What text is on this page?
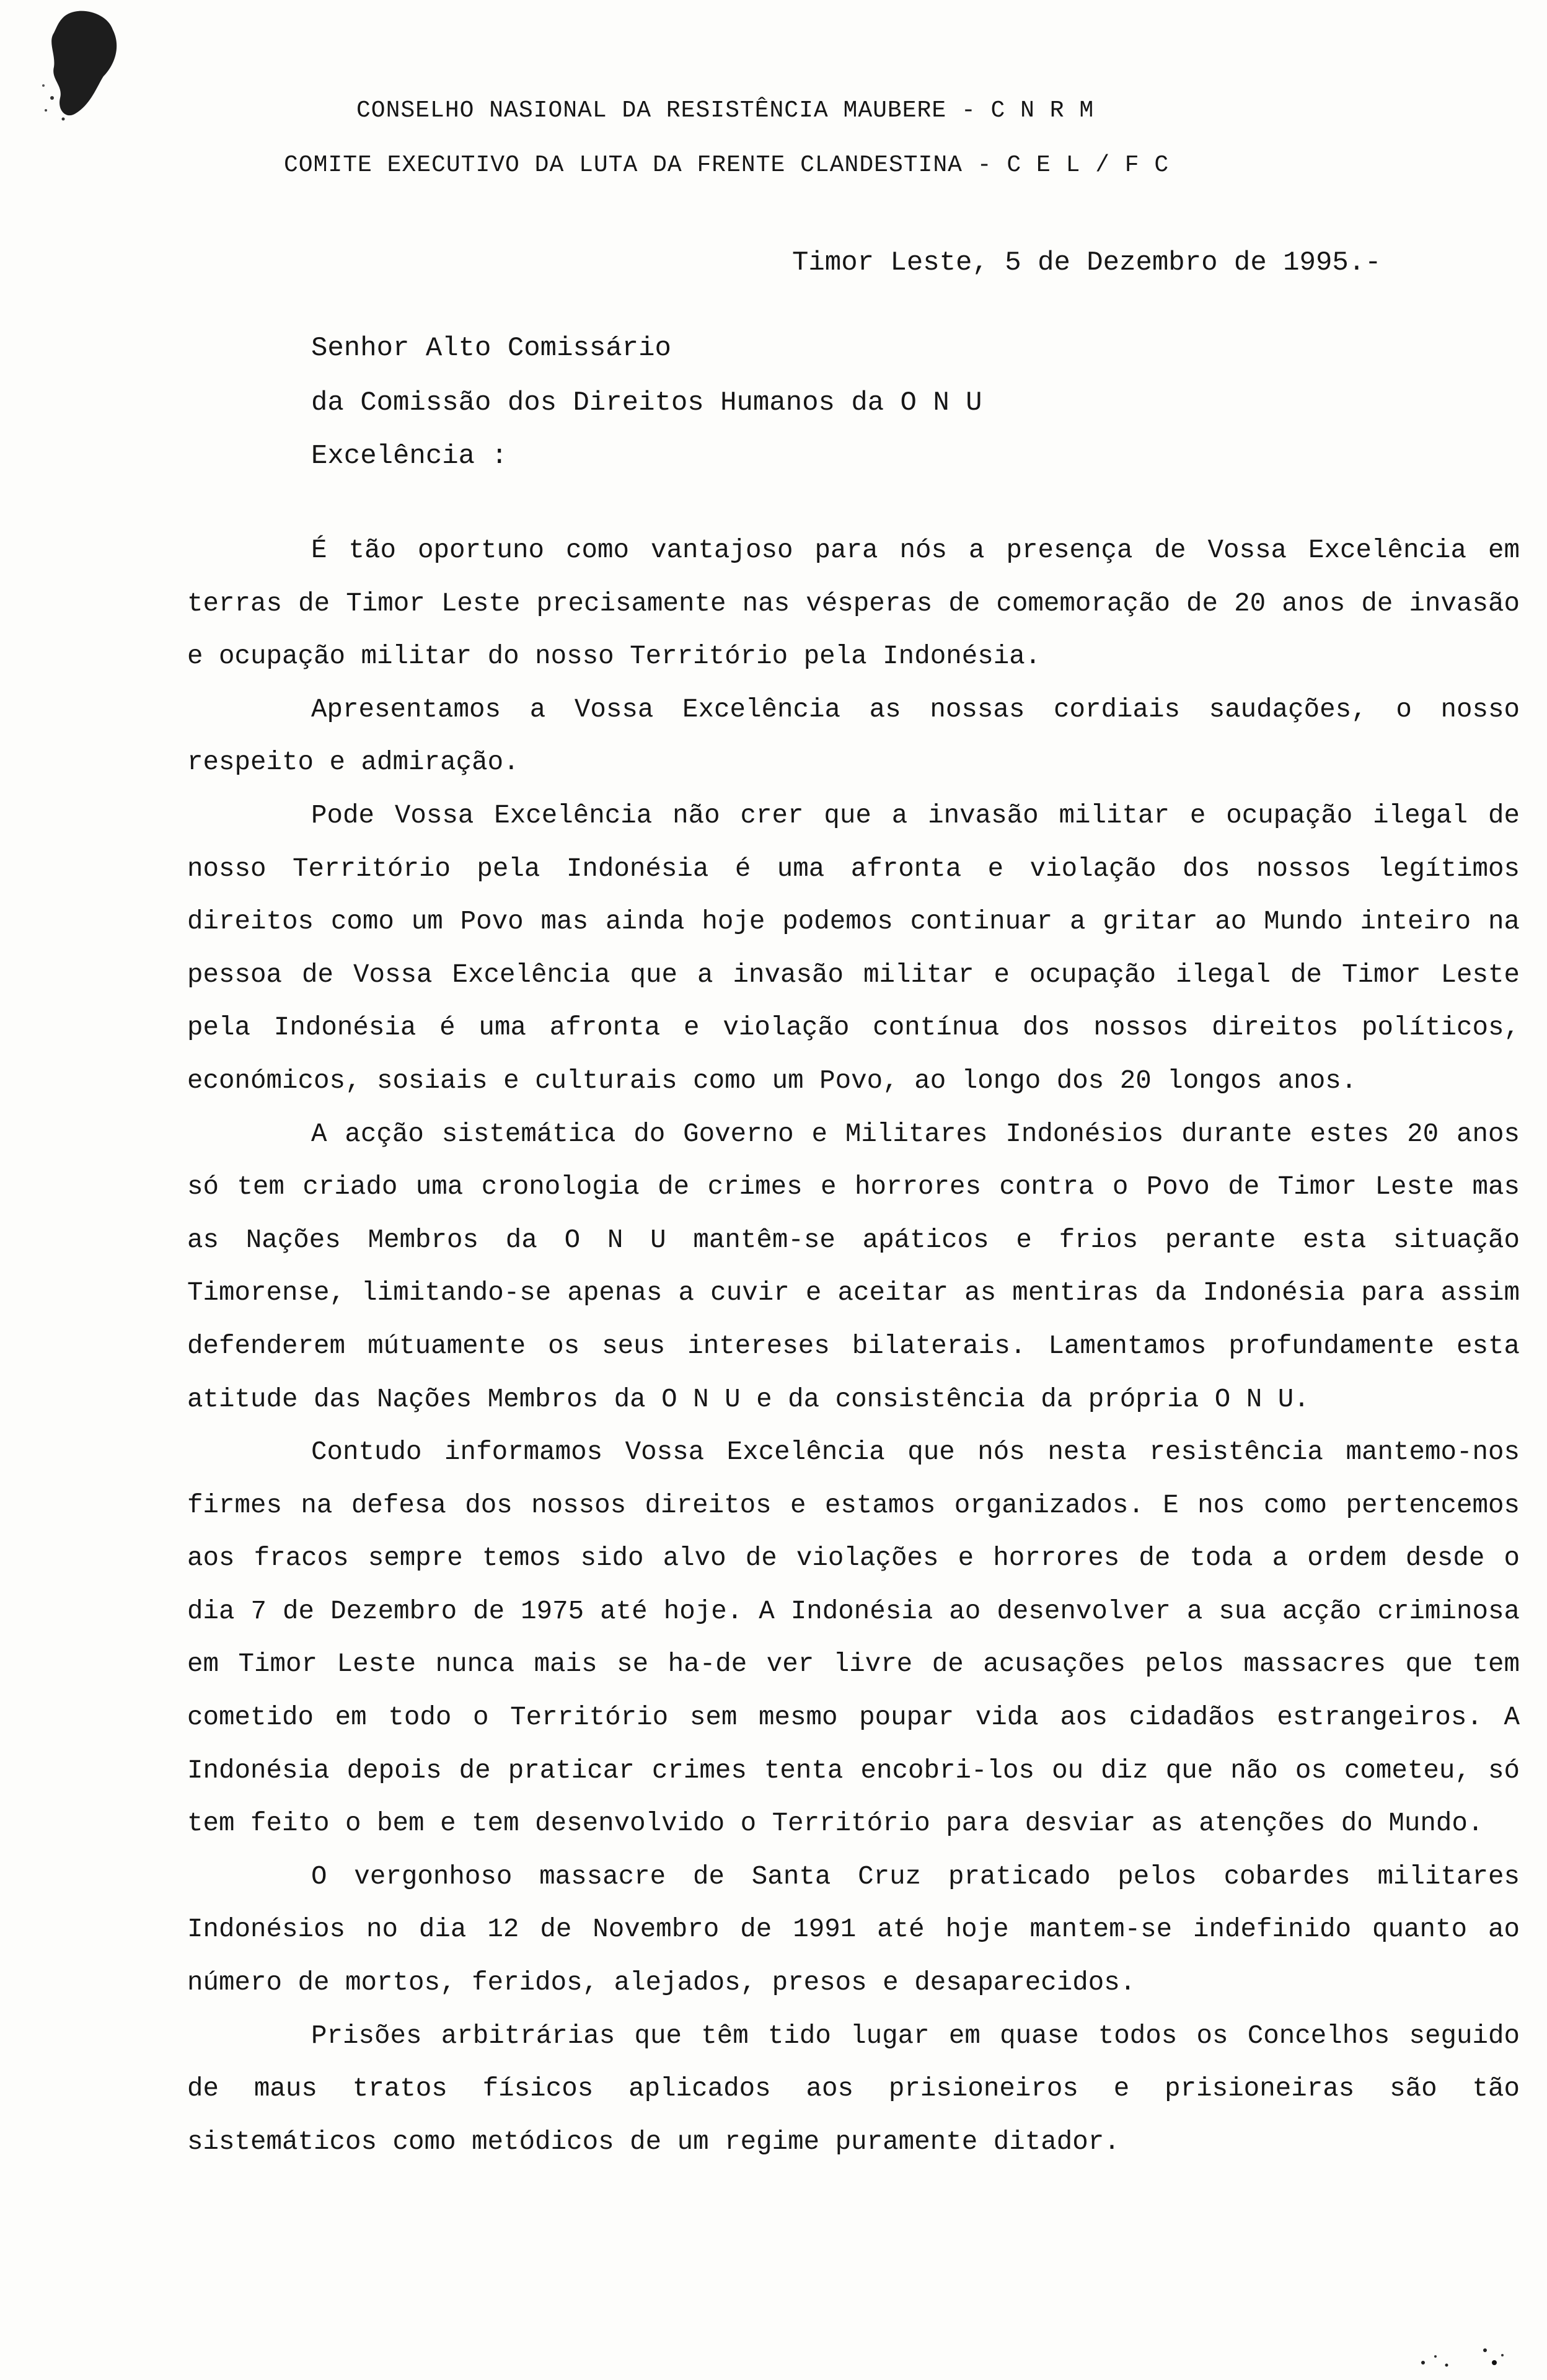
CONSELHO NASIONAL DA RESISTÊNCIA MAUBERE - C N R M
COMITE EXECUTIVO DA LUTA DA FRENTE CLANDESTINA - C E L / F C
Timor Leste, 5 de Dezembro de 1995.-
Senhor Alto Comissário
da Comissão dos Direitos Humanos da O N U
Excelência :

É tão oportuno como vantajoso para nós a presença de Vossa Excelência em terras de Timor Leste precisamente nas vésperas de comemoração de 20 anos de invasão e ocupação militar do nosso Território pela Indonésia.

Apresentamos a Vossa Excelência as nossas cordiais saudações, o nosso respeito e admiração.

Pode Vossa Excelência não crer que a invasão militar e ocupação ilegal de nosso Território pela Indonésia é uma afronta e violação dos nossos legítimos direitos como um Povo mas ainda hoje podemos continuar a gritar ao Mundo inteiro na pessoa de Vossa Excelência que a invasão militar e ocupação ilegal de Timor Leste pela Indonésia é uma afronta e violação contínua dos nossos direitos políticos, económicos, sosiais e culturais como um Povo, ao longo dos 20 longos anos.

A acção sistemática do Governo e Militares Indonésios durante estes 20 anos só tem criado uma cronologia de crimes e horrores contra o Povo de Timor Leste mas as Nações Membros da O N U mantêm-se apáticos e frios perante esta situação Timorense, limitando-se apenas a cuvir e aceitar as mentiras da Indonésia para assim defenderem mútuamente os seus intereses bilaterais. Lamentamos profundamente esta atitude das Nações Membros da O N U e da consistência da própria O N U.

Contudo informamos Vossa Excelência que nós nesta resistência mantemo-nos firmes na defesa dos nossos direitos e estamos organizados. E nos como pertencemos aos fracos sempre temos sido alvo de violações e horrores de toda a ordem desde o dia 7 de Dezembro de 1975 até hoje. A Indonésia ao desenvolver a sua acção criminosa em Timor Leste nunca mais se ha-de ver livre de acusações pelos massacres que tem cometido em todo o Território sem mesmo poupar vida aos cidadãos estrangeiros. A Indonésia depois de praticar crimes tenta encobri-los ou diz que não os cometeu, só tem feito o bem e tem desenvolvido o Território para desviar as atenções do Mundo.

O vergonhoso massacre de Santa Cruz praticado pelos cobardes militares Indonésios no dia 12 de Novembro de 1991 até hoje mantem-se indefinido quanto ao número de mortos, feridos, alejados, presos e desaparecidos.

Prisões arbitrárias que têm tido lugar em quase todos os Concelhos seguido de maus tratos físicos aplicados aos prisioneiros e prisioneiras são tão sistemáticos como metódicos de um regime puramente ditador.
